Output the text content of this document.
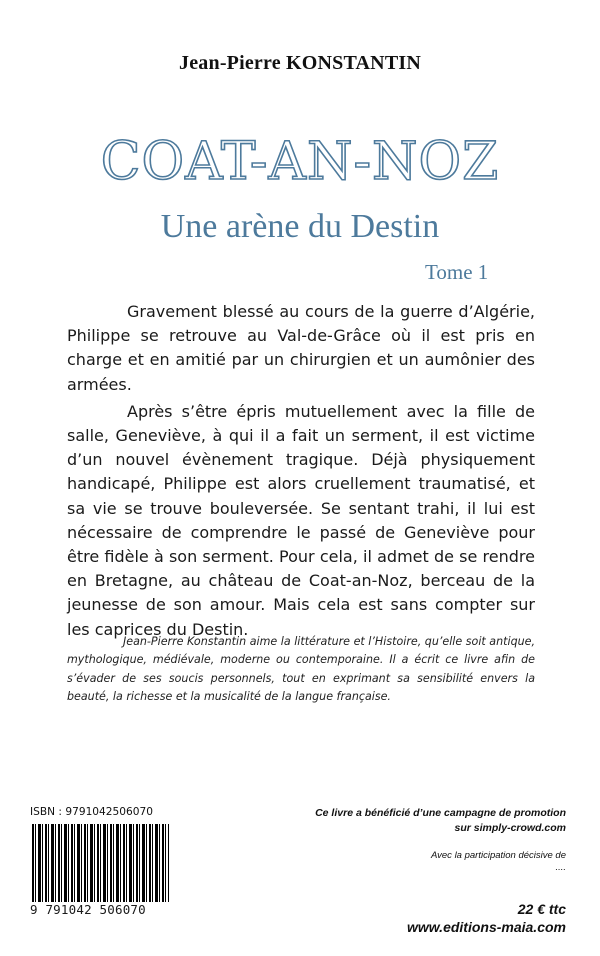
Jean-Pierre KONSTANTIN
COAT-AN-NOZ
Une arène du Destin
Tome 1

Gravement blessé au cours de la guerre d’Algérie, Philippe se retrouve au Val-de-Grâce où il est pris en charge et en amitié par un chirurgien et un aumônier des armées.

Après s’être épris mutuellement avec la fille de salle, Geneviève, à qui il a fait un serment, il est victime d’un nouvel évènement tragique. Déjà physiquement handicapé, Philippe est alors cruellement traumatisé, et sa vie se trouve bouleversée. Se sentant trahi, il lui est nécessaire de comprendre le passé de Geneviève pour être fidèle à son serment. Pour cela, il admet de se rendre en Bretagne, au château de Coat-an-Noz, berceau de la jeunesse de son amour. Mais cela est sans compter sur les caprices du Destin.

Jean-Pierre Konstantin aime la littérature et l’Histoire, qu’elle soit antique, mythologique, médiévale, moderne ou contemporaine. Il a écrit ce livre afin de s’évader de ses soucis personnels, tout en exprimant sa sensibilité envers la beauté, la richesse et la musicalité de la langue française.
ISBN : 9791042506070
9 791042 506070
Ce livre a bénéficié d’une campagne de promotion
sur simply-crowd.com
Avec la participation décisive de
....
22 € ttc
www.editions-maia.com
